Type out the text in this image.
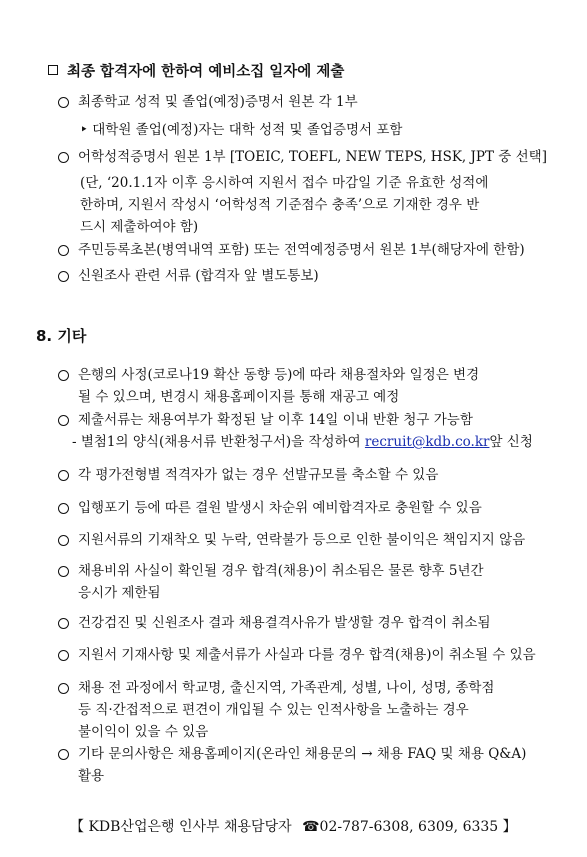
최종 합격자에 한하여 예비소집 일자에 제출
최종학교 성적 및 졸업(예정)증명서 원본 각 1부
‣ 대학원 졸업(예정)자는 대학 성적 및 졸업증명서 포함
어학성적증명서 원본 1부 [TOEIC, TOEFL, NEW TEPS, HSK, JPT 중 선택]
(단, ‘20.1.1자 이후 응시하여 지원서 접수 마감일 기준 유효한 성적에
한하며, 지원서 작성시 ‘어학성적 기준점수 충족’으로 기재한 경우 반
드시 제출하여야 함)
주민등록초본(병역내역 포함) 또는 전역예정증명서 원본 1부(해당자에 한함)
신원조사 관련 서류 (합격자 앞 별도통보)
8. 기타
은행의 사정(코로나19 확산 동향 등)에 따라 채용절차와 일정은 변경
될 수 있으며, 변경시 채용홈페이지를 통해 재공고 예정
제출서류는 채용여부가 확정된 날 이후 14일 이내 반환 청구 가능함
- 별첨1의 양식(채용서류 반환청구서)을 작성하여 recruit@kdb.co.kr앞 신청
각 평가전형별 적격자가 없는 경우 선발규모를 축소할 수 있음
입행포기 등에 따른 결원 발생시 차순위 예비합격자로 충원할 수 있음
지원서류의 기재착오 및 누락, 연락불가 등으로 인한 불이익은 책임지지 않음
채용비위 사실이 확인될 경우 합격(채용)이 취소됨은 물론 향후 5년간
응시가 제한됨
건강검진 및 신원조사 결과 채용결격사유가 발생할 경우 합격이 취소됨
지원서 기재사항 및 제출서류가 사실과 다를 경우 합격(채용)이 취소될 수 있음
채용 전 과정에서 학교명, 출신지역, 가족관계, 성별, 나이, 성명, 종학점
등 직·간접적으로 편견이 개입될 수 있는 인적사항을 노출하는 경우
불이익이 있을 수 있음
기타 문의사항은 채용홈페이지(온라인 채용문의 → 채용 FAQ 및 채용 Q&A)
활용
【 KDB산업은행 인사부 채용담당자 ☎02-787-6308, 6309, 6335 】
